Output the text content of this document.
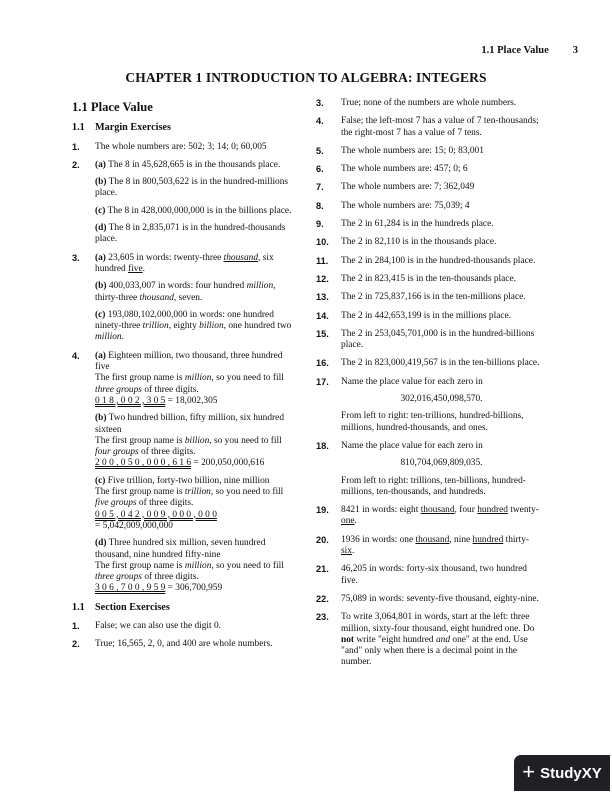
1.1 Place Value 3
CHAPTER 1 INTRODUCTION TO ALGEBRA: INTEGERS
1.1 Place Value
1.1 Margin Exercises
1. The whole numbers are: 502; 3; 14; 0; 60,005

2. (a) The 8 in 45,628,665 is in the thousands place.

(b) The 8 in 800,503,622 is in the hundred-millions place.

(c) The 8 in 428,000,000,000 is in the billions place.

(d) The 8 in 2,835,071 is in the hundred-thousands place.

3. (a) 23,605 in words: twenty-three thousand, six hundred five.

(b) 400,033,007 in words: four hundred million, thirty-three thousand, seven.

(c) 193,080,102,000,000 in words: one hundred ninety-three trillion, eighty billion, one hundred two million.

4. (a) Eighteen million, two thousand, three hundred five
The first group name is million, so you need to fill three groups of three digits.
0 1 8 , 0 0 2 , 3 0 5 = 18,002,305
(b) Two hundred billion, fifty million, six hundred sixteen
The first group name is billion, so you need to fill four groups of three digits.
2 0 0 , 0 5 0 , 0 0 0 , 6 1 6 = 200,050,000,616
(c) Five trillion, forty-two billion, nine million
The first group name is trillion, so you need to fill five groups of three digits.
0 0 5 , 0 4 2 , 0 0 9 , 0 0 0 , 0 0 0
= 5,042,009,000,000
(d) Three hundred six million, seven hundred thousand, nine hundred fifty-nine
The first group name is million, so you need to fill three groups of three digits.
3 0 6 , 7 0 0 , 9 5 9 = 306,700,959
1.1 Section Exercises
1. False; we can also use the digit 0.

2. True; 16,565, 2, 0, and 400 are whole numbers.

3. True; none of the numbers are whole numbers.

4. False; the left-most 7 has a value of 7 ten-thousands; the right-most 7 has a value of 7 tens.

5. The whole numbers are: 15; 0; 83,001

6. The whole numbers are: 457; 0; 6

7. The whole numbers are: 7; 362,049

8. The whole numbers are: 75,039; 4

9. The 2 in 61,284 is in the hundreds place.

10. The 2 in 82,110 is in the thousands place.

11. The 2 in 284,100 is in the hundred-thousands place.

12. The 2 in 823,415 is in the ten-thousands place.

13. The 2 in 725,837,166 is in the ten-millions place.

14. The 2 in 442,653,199 is in the millions place.

15. The 2 in 253,045,701,000 is in the hundred-billions place.

16. The 2 in 823,000,419,567 is in the ten-billions place.

17. Name the place value for each zero in

302,016,450,098,570.

From left to right: ten-trillions, hundred-billions, millions, hundred-thousands, and ones.

18. Name the place value for each zero in

810,704,069,809,035.

From left to right: trillions, ten-billions, hundred-millions, ten-thousands, and hundreds.

19. 8421 in words: eight thousand, four hundred twenty-one.

20. 1936 in words: one thousand, nine hundred thirty-six.

21. 46,205 in words: forty-six thousand, two hundred five.

22. 75,089 in words: seventy-five thousand, eighty-nine.

23. To write 3,064,801 in words, start at the left: three million, sixty-four thousand, eight hundred one. Do not write "eight hundred and one" at the end. Use "and" only when there is a decimal point in the number.

+ StudyXY
